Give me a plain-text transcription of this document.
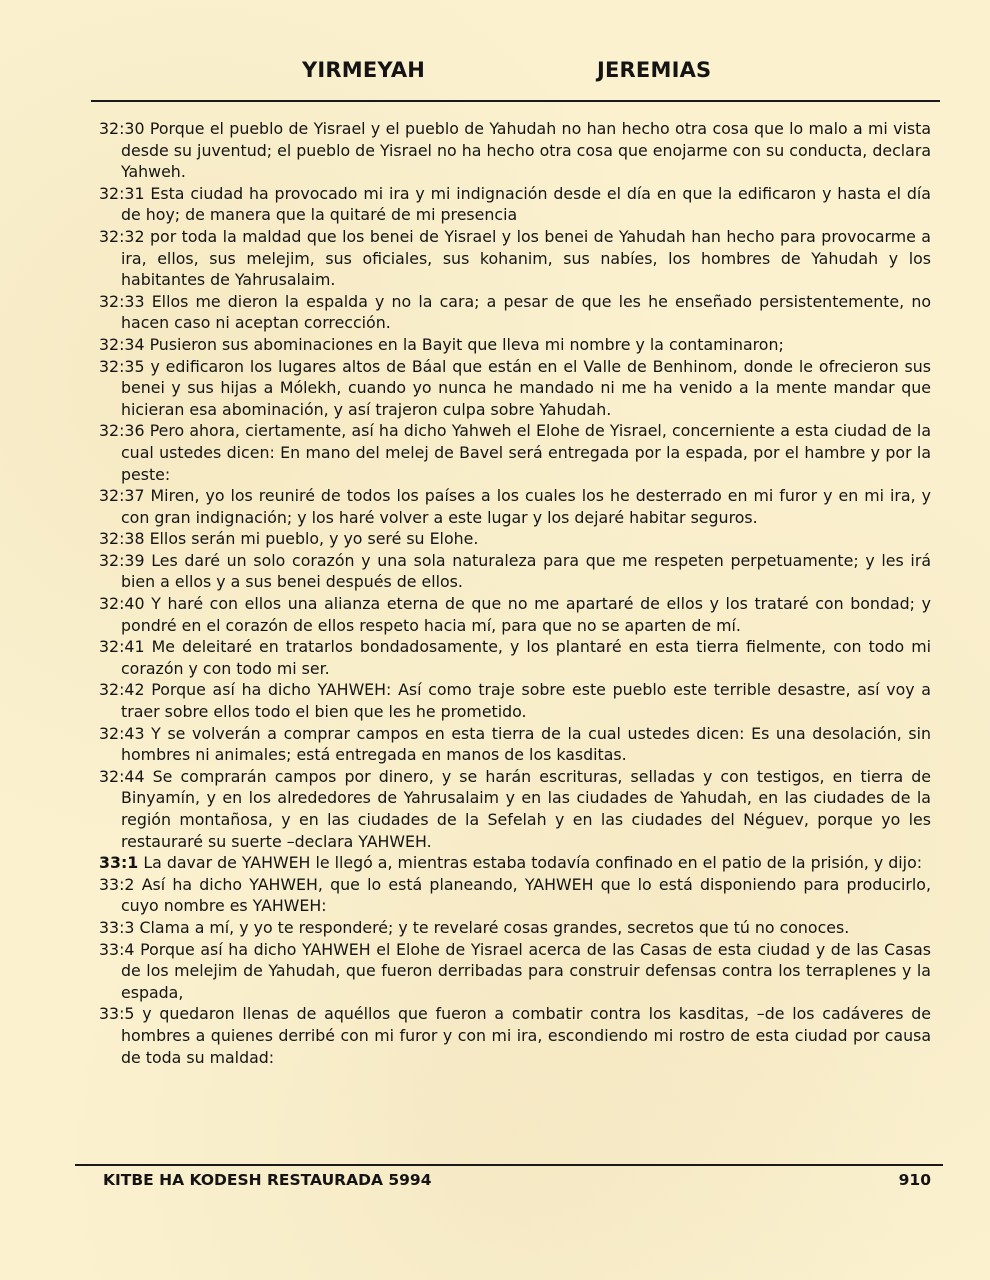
YIRMEYAH	JEREMIAS

32:30 Porque el pueblo de Yisrael y el pueblo de Yahudah no han hecho otra cosa que lo malo a mi vista desde su juventud; el pueblo de Yisrael no ha hecho otra cosa que enojarme con su conducta, declara Yahweh.

32:31 Esta ciudad ha provocado mi ira y mi indignación desde el día en que la edificaron y hasta el día de hoy; de manera que la quitaré de mi presencia

32:32 por toda la maldad que los benei de Yisrael y los benei de Yahudah han hecho para provocarme a ira, ellos, sus melejim, sus oficiales, sus kohanim, sus nabíes, los hombres de Yahudah y los habitantes de Yahrusalaim.

32:33 Ellos me dieron la espalda y no la cara; a pesar de que les he enseñado persistentemente, no hacen caso ni aceptan corrección.

32:34 Pusieron sus abominaciones en la Bayit que lleva mi nombre y la contaminaron;

32:35 y edificaron los lugares altos de Báal que están en el Valle de Benhinom, donde le ofrecieron sus benei y sus hijas a Mólekh, cuando yo nunca he mandado ni me ha venido a la mente mandar que hicieran esa abominación, y así trajeron culpa sobre Yahudah.

32:36 Pero ahora, ciertamente, así ha dicho Yahweh el Elohe de Yisrael, concerniente a esta ciudad de la cual ustedes dicen: En mano del melej de Bavel será entregada por la espada, por el hambre y por la peste:

32:37 Miren, yo los reuniré de todos los países a los cuales los he desterrado en mi furor y en mi ira, y con gran indignación; y los haré volver a este lugar y los dejaré habitar seguros.

32:38 Ellos serán mi pueblo, y yo seré su Elohe.

32:39 Les daré un solo corazón y una sola naturaleza para que me respeten perpetuamente; y les irá bien a ellos y a sus benei después de ellos.

32:40 Y haré con ellos una alianza eterna de que no me apartaré de ellos y los trataré con bondad; y pondré en el corazón de ellos respeto hacia mí, para que no se aparten de mí.

32:41 Me deleitaré en tratarlos bondadosamente, y los plantaré en esta tierra fielmente, con todo mi corazón y con todo mi ser.

32:42 Porque así ha dicho YAHWEH: Así como traje sobre este pueblo este terrible desastre, así voy a traer sobre ellos todo el bien que les he prometido.

32:43 Y se volverán a comprar campos en esta tierra de la cual ustedes dicen: Es una desolación, sin hombres ni animales; está entregada en manos de los kasditas.

32:44 Se comprarán campos por dinero, y se harán escrituras, selladas y con testigos, en tierra de Binyamín, y en los alrededores de Yahrusalaim y en las ciudades de Yahudah, en las ciudades de la región montañosa, y en las ciudades de la Sefelah y en las ciudades del Néguev, porque yo les restauraré su suerte –declara YAHWEH.

33:1 La davar de YAHWEH le llegó a, mientras estaba todavía confinado en el patio de la prisión, y dijo:

33:2 Así ha dicho YAHWEH, que lo está planeando, YAHWEH que lo está disponiendo para producirlo, cuyo nombre es YAHWEH:

33:3 Clama a mí, y yo te responderé; y te revelaré cosas grandes, secretos que tú no conoces.

33:4 Porque así ha dicho YAHWEH el Elohe de Yisrael acerca de las Casas de esta ciudad y de las Casas de los melejim de Yahudah, que fueron derribadas para construir defensas contra los terraplenes y la espada,

33:5 y quedaron llenas de aquéllos que fueron a combatir contra los kasditas, –de los cadáveres de hombres a quienes derribé con mi furor y con mi ira, escondiendo mi rostro de esta ciudad por causa de toda su maldad:

KITBE HA KODESH RESTAURADA 5994	910
